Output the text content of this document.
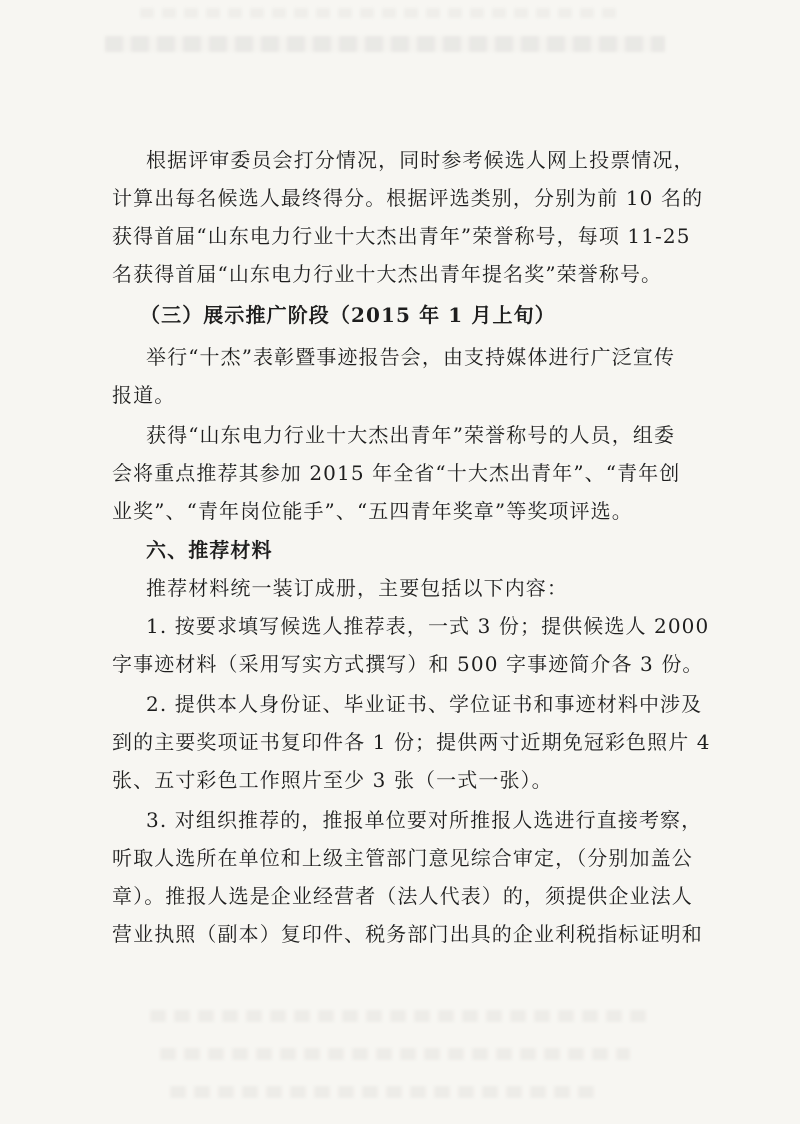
根据评审委员会打分情况，同时参考候选人网上投票情况，
计算出每名候选人最终得分。根据评选类别，分别为前 10 名的
获得首届“山东电力行业十大杰出青年”荣誉称号，每项 11-25
名获得首届“山东电力行业十大杰出青年提名奖”荣誉称号。
（三）展示推广阶段（2015 年 1 月上旬）
举行“十杰”表彰暨事迹报告会，由支持媒体进行广泛宣传
报道。
获得“山东电力行业十大杰出青年”荣誉称号的人员，组委
会将重点推荐其参加 2015 年全省“十大杰出青年”、“青年创
业奖”、“青年岗位能手”、“五四青年奖章”等奖项评选。
六、推荐材料
推荐材料统一装订成册，主要包括以下内容：
1. 按要求填写候选人推荐表，一式 3 份；提供候选人 2000
字事迹材料（采用写实方式撰写）和 500 字事迹简介各 3 份。
2. 提供本人身份证、毕业证书、学位证书和事迹材料中涉及
到的主要奖项证书复印件各 1 份；提供两寸近期免冠彩色照片 4
张、五寸彩色工作照片至少 3 张（一式一张）。
3. 对组织推荐的，推报单位要对所推报人选进行直接考察，
听取人选所在单位和上级主管部门意见综合审定，（分别加盖公
章）。推报人选是企业经营者（法人代表）的，须提供企业法人
营业执照（副本）复印件、税务部门出具的企业利税指标证明和
